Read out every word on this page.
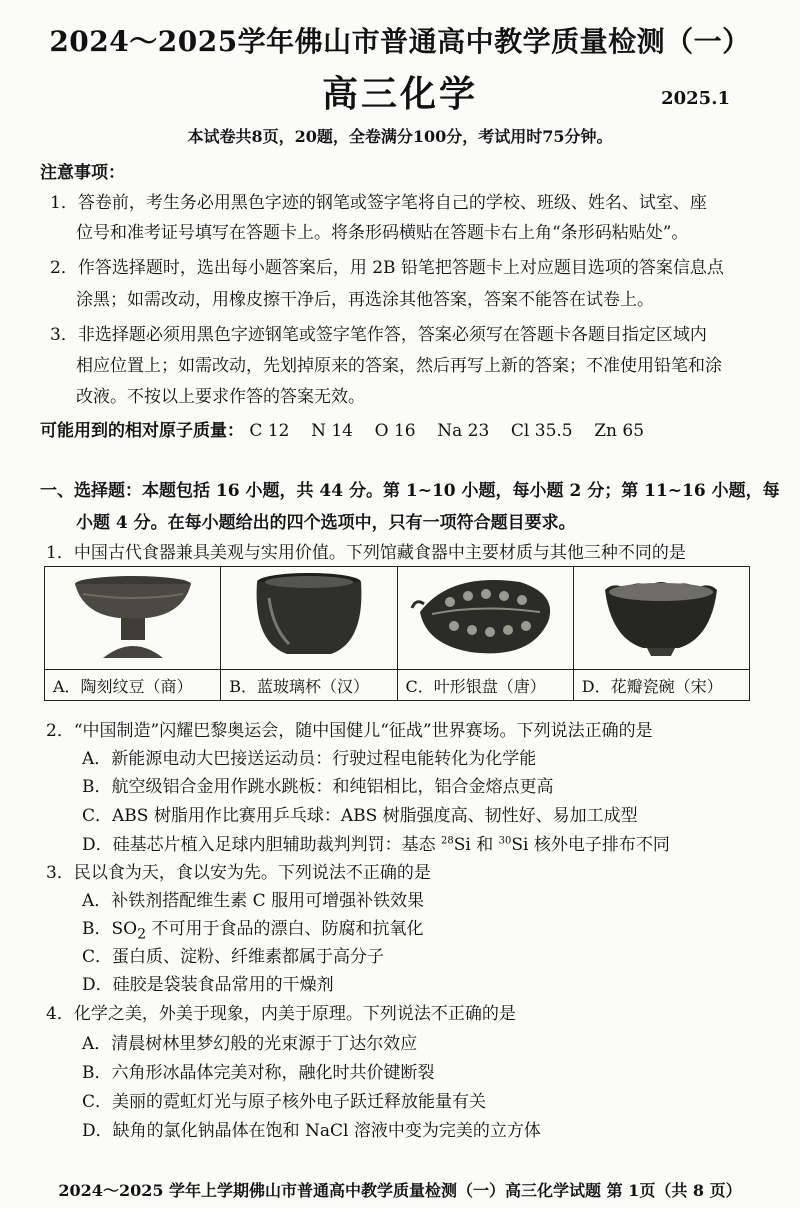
2024～2025学年佛山市普通高中教学质量检测（一）
高三化学	2025.1
本试卷共8页，20题，全卷满分100分，考试用时75分钟。
注意事项：
1．答卷前，考生务必用黑色字迹的钢笔或签字笔将自己的学校、班级、姓名、试室、座
位号和准考证号填写在答题卡上。将条形码横贴在答题卡右上角“条形码粘贴处”。
2．作答选择题时，选出每小题答案后，用 2B 铅笔把答题卡上对应题目选项的答案信息点
涂黑；如需改动，用橡皮擦干净后，再选涂其他答案，答案不能答在试卷上。
3．非选择题必须用黑色字迹钢笔或签字笔作答，答案必须写在答题卡各题目指定区域内
相应位置上；如需改动，先划掉原来的答案，然后再写上新的答案；不准使用铅笔和涂
改液。不按以上要求作答的答案无效。
可能用到的相对原子质量： C 12 N 14 O 16 Na 23 Cl 35.5 Zn 65
一、选择题：本题包括 16 小题，共 44 分。第 1~10 小题，每小题 2 分；第 11~16 小题，每
小题 4 分。在每小题给出的四个选项中，只有一项符合题目要求。
1．中国古代食器兼具美观与实用价值。下列馆藏食器中主要材质与其他三种不同的是

A．陶刻纹豆（商）	B．蓝玻璃杯（汉）	C．叶形银盘（唐）	D．花瓣瓷碗（宋）
2．“中国制造”闪耀巴黎奥运会，随中国健儿“征战”世界赛场。下列说法正确的是
A．新能源电动大巴接送运动员：行驶过程电能转化为化学能
B．航空级铝合金用作跳水跳板：和纯铝相比，铝合金熔点更高
C．ABS 树脂用作比赛用乒乓球：ABS 树脂强度高、韧性好、易加工成型
D．硅基芯片植入足球内胆辅助裁判判罚：基态 $^{28}$Si 和 $^{30}$Si 核外电子排布不同
3．民以食为天，食以安为先。下列说法不正确的是
A．补铁剂搭配维生素 C 服用可增强补铁效果
B．$SO_2$ 不可用于食品的漂白、防腐和抗氧化
C．蛋白质、淀粉、纤维素都属于高分子
D．硅胶是袋装食品常用的干燥剂
4．化学之美，外美于现象，内美于原理。下列说法不正确的是
A．清晨树林里梦幻般的光束源于丁达尔效应
B．六角形冰晶体完美对称，融化时共价键断裂
C．美丽的霓虹灯光与原子核外电子跃迁释放能量有关
D．缺角的氯化钠晶体在饱和 NaCl 溶液中变为完美的立方体
2024～2025 学年上学期佛山市普通高中教学质量检测（一）高三化学试题 第 1页（共 8 页）
